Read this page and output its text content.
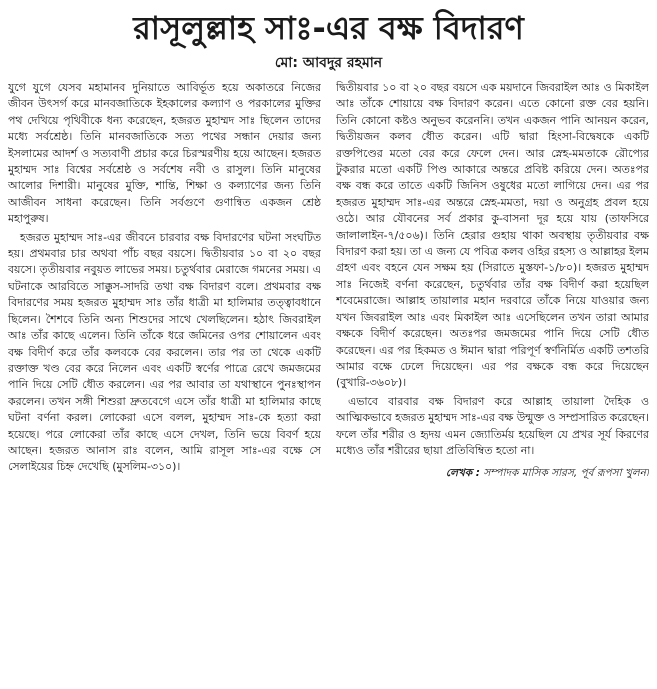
রাসূলুল্লাহ সাঃ-এর বক্ষ বিদারণ
মো: আবদুর রহমান

যুগে যুগে যেসব মহামানব দুনিয়াতে আবির্ভূত হয়ে অকাতরে নিজের জীবন উৎসর্গ করে মানবজাতিকে ইহকালের কল্যাণ ও পরকালের মুক্তির পথ দেখিয়ে পৃথিবীকে ধন্য করেছেন, হজরত মুহাম্মদ সাঃ ছিলেন তাদের মধ্যে সর্বশ্রেষ্ঠ। তিনি মানবজাতিকে সত্য পথের সন্ধান দেয়ার জন্য ইসলামের আদর্শ ও সত্যবাণী প্রচার করে চিরস্মরণীয় হয়ে আছেন। হজরত মুহাম্মদ সাঃ বিশ্বের সর্বশ্রেষ্ঠ ও সর্বশেষ নবী ও রাসুল। তিনি মানুষের আলোর দিশারী। মানুষের মুক্তি, শান্তি, শিক্ষা ও কল্যাণের জন্য তিনি আজীবন সাধনা করেছেন। তিনি সর্বগুণে গুণান্বিত একজন শ্রেষ্ঠ মহাপুরুষ।

হজরত মুহাম্মদ সাঃ-এর জীবনে চারবার বক্ষ বিদারণের ঘটনা সংঘটিত হয়। প্রথমবার চার অথবা পাঁচ বছর বয়সে। দ্বিতীয়বার ১০ বা ২০ বছর বয়সে। তৃতীয়বার নবুয়ত লাভের সময়। চতুর্থবার মেরাজে গমনের সময়। এ ঘটনাকে আরবিতে সাক্কুস-সাদরি তথা বক্ষ বিদারণ বলে। প্রথমবার বক্ষ বিদারণের সময় হজরত মুহাম্মদ সাঃ তাঁর ধাত্রী মা হালিমার তত্ত্বাবধানে ছিলেন। শৈশবে তিনি অন্য শিশুদের সাথে খেলছিলেন। হঠাৎ জিবরাইল আঃ তাঁর কাছে এলেন। তিনি তাঁকে ধরে জমিনের ওপর শোয়ালেন এবং বক্ষ বিদীর্ণ করে তাঁর কলবকে বের করলেন। তার পর তা থেকে একটি রক্তাক্ত খণ্ড বের করে নিলেন এবং একটি স্বর্ণের পাত্রে রেখে জমজমের পানি দিয়ে সেটি ধৌত করলেন। এর পর আবার তা যথাস্থানে পুনঃস্থাপন করলেন। তখন সঙ্গী শিশুরা দ্রুতবেগে এসে তাঁর ধাত্রী মা হালিমার কাছে ঘটনা বর্ণনা করল। লোকেরা এসে বলল, মুহাম্মদ সাঃ-কে হত্যা করা হয়েছে। পরে লোকেরা তাঁর কাছে এসে দেখল, তিনি ভয়ে বিবর্ণ হয়ে আছেন। হজরত আনাস রাঃ বলেন, আমি রাসূল সাঃ-এর বক্ষে সে সেলাইয়ের চিহ্ন দেখেছি (মুসলিম-৩১০)।

দ্বিতীয়বার ১০ বা ২০ বছর বয়সে এক ময়দানে জিবরাইল আঃ ও মিকাইল আঃ তাঁকে শোয়ায়ে বক্ষ বিদারণ করেন। এতে কোনো রক্ত বের হয়নি। তিনি কোনো কষ্টও অনুভব করেননি। তখন একজন পানি আনয়ন করেন, দ্বিতীয়জন কলব ধৌত করেন। এটি দ্বারা হিংসা-বিদ্বেষকে একটি রক্তপিণ্ডের মতো বের করে ফেলে দেন। আর স্নেহ-মমতাকে রৌপ্যের টুকরার মতো একটি পিণ্ড আকারে অন্তরে প্রবিষ্ট করিয়ে দেন। অতঃপর বক্ষ বন্ধ করে তাতে একটি জিনিস ওষুধের মতো লাগিয়ে দেন। এর পর হজরত মুহাম্মদ সাঃ-এর অন্তরে স্নেহ-মমতা, দয়া ও অনুগ্রহ প্রবল হয়ে ওঠে। আর যৌবনের সর্ব প্রকার কু-বাসনা দূর হয়ে যায় (তাফসিরে জালালাইন-৭/৫০৬)। তিনি হেরার গুহায় থাকা অবস্থায় তৃতীয়বার বক্ষ বিদারণ করা হয়। তা এ জন্য যে পবিত্র কলব ওহির রহস্য ও আল্লাহর ইলম গ্রহণ এবং বহনে যেন সক্ষম হয় (সিরাতে মুস্তফা-১/৮০)। হজরত মুহাম্মদ সাঃ নিজেই বর্ণনা করেছেন, চতুর্থবার তাঁর বক্ষ বিদীর্ণ করা হয়েছিল শবেমেরাজে। আল্লাহ তায়ালার মহান দরবারে তাঁকে নিয়ে যাওয়ার জন্য যখন জিবরাইল আঃ এবং মিকাইল আঃ এসেছিলেন তখন তারা আমার বক্ষকে বিদীর্ণ করেছেন। অতঃপর জমজমের পানি দিয়ে সেটি ধৌত করেছেন। এর পর হিকমত ও ঈমান দ্বারা পরিপূর্ণ স্বর্ণনির্মিত একটি তশতরি আমার বক্ষে ঢেলে দিয়েছেন। এর পর বক্ষকে বন্ধ করে দিয়েছেন (বুখারি-৩৬০৮)।

এভাবে বারবার বক্ষ বিদারণ করে আল্লাহ তায়ালা দৈহিক ও আত্মিকভাবে হজরত মুহাম্মদ সাঃ-এর বক্ষ উন্মুক্ত ও সম্প্রসারিত করেছেন। ফলে তাঁর শরীর ও হৃদয় এমন জ্যোতির্ময় হয়েছিল যে প্রখর সূর্য কিরণের মধ্যেও তাঁর শরীরের ছায়া প্রতিবিম্বিত হতো না।

লেখক : সম্পাদক মাসিক সারস, পূর্ব রূপসা খুলনা
